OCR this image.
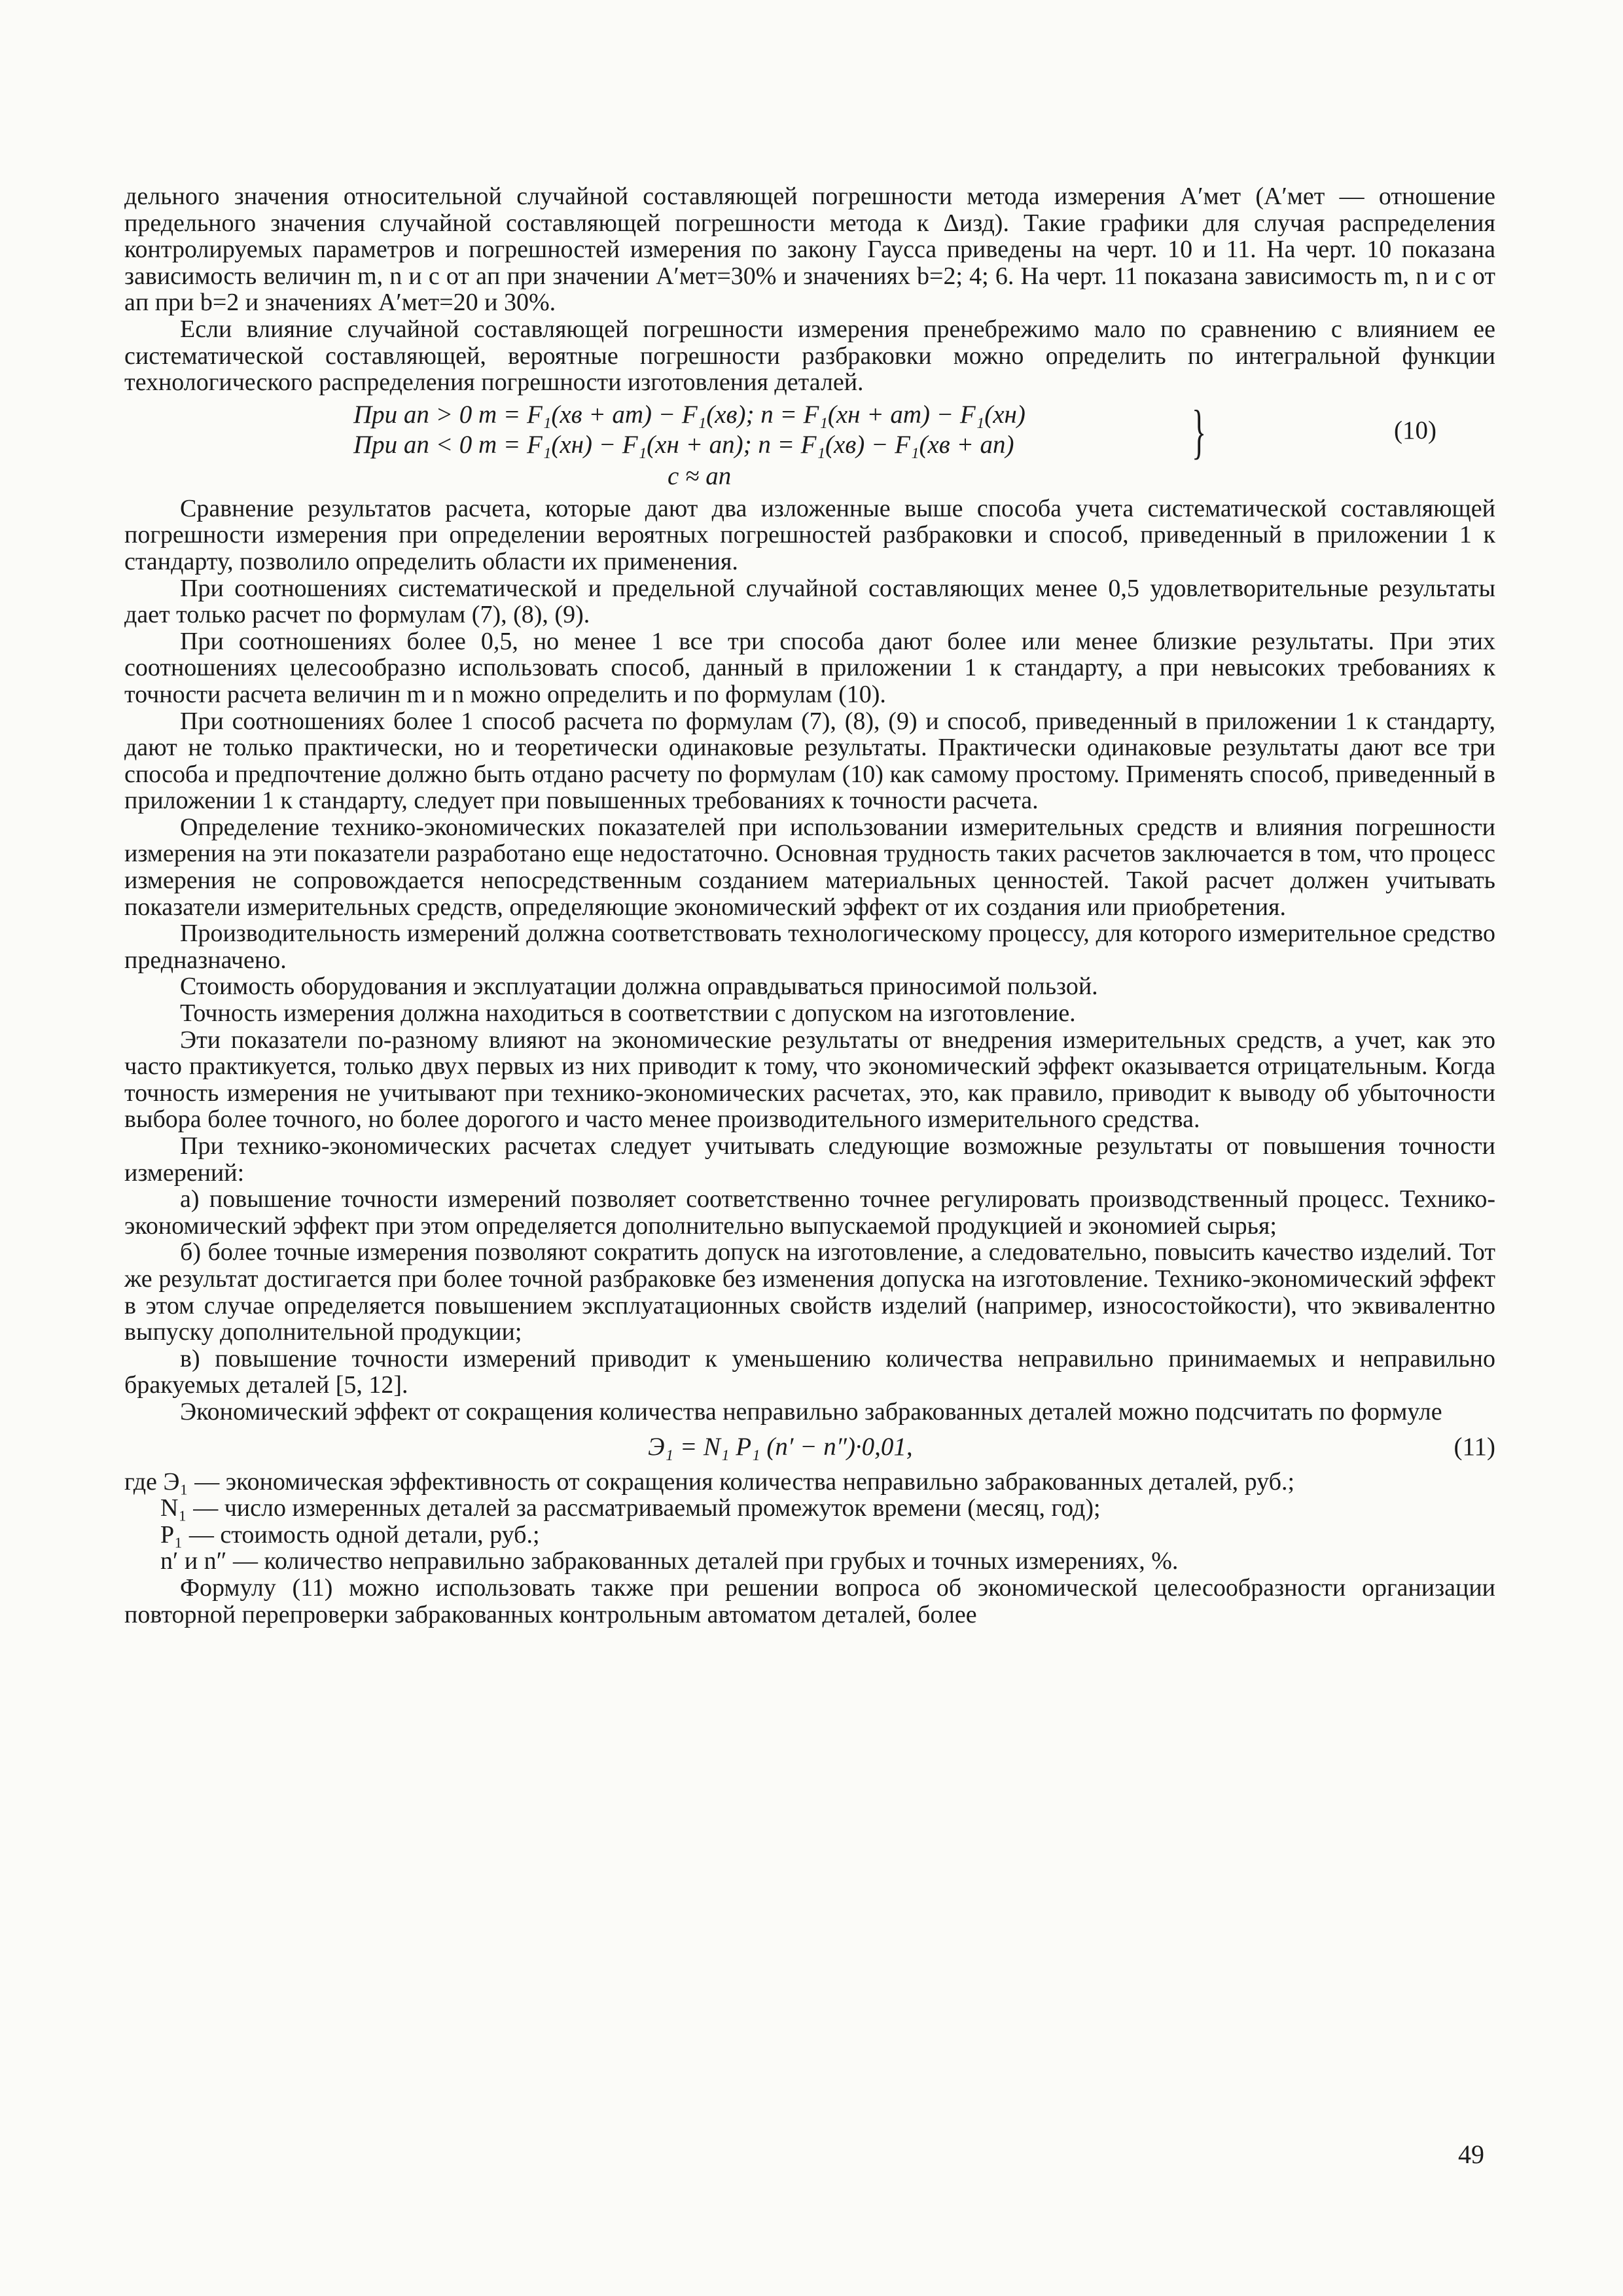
дельного значения относительной случайной составляющей погрешности метода измерения A′мет (A′мет — отношение предельного значения случайной составляющей погрешности метода к Δизд). Такие графики для случая распределения контролируемых параметров и погрешностей измерения по закону Гаусса приведены на черт. 10 и 11. На черт. 10 показана зависимость величин m, n и c от aп при значении A′мет=30% и значениях b=2; 4; 6. На черт. 11 показана зависимость m, n и c от aп при b=2 и значениях A′мет=20 и 30%.

Если влияние случайной составляющей погрешности измерения пренебрежимо мало по сравнению с влиянием ее систематической составляющей, вероятные погрешности разбраковки можно определить по интегральной функции технологического распределения погрешности изготовления деталей.

При aп > 0 m = F₁(xв + aт) − F₁(xв); n = F₁(xн + aт) − F₁(xн)
При aп < 0 m = F₁(xн) − F₁(xн + aп); n = F₁(xв) − F₁(xв + aп)
c ≈ aп
}	(10)

Сравнение результатов расчета, которые дают два изложенные выше способа учета систематической составляющей погрешности измерения при определении вероятных погрешностей разбраковки и способ, приведенный в приложении 1 к стандарту, позволило определить области их применения.

При соотношениях систематической и предельной случайной составляющих менее 0,5 удовлетворительные результаты дает только расчет по формулам (7), (8), (9).

При соотношениях более 0,5, но менее 1 все три способа дают более или менее близкие результаты. При этих соотношениях целесообразно использовать способ, данный в приложении 1 к стандарту, а при невысоких требованиях к точности расчета величин m и n можно определить и по формулам (10).

При соотношениях более 1 способ расчета по формулам (7), (8), (9) и способ, приведенный в приложении 1 к стандарту, дают не только практически, но и теоретически одинаковые результаты. Практически одинаковые результаты дают все три способа и предпочтение должно быть отдано расчету по формулам (10) как самому простому. Применять способ, приведенный в приложении 1 к стандарту, следует при повышенных требованиях к точности расчета.

Определение технико-экономических показателей при использовании измерительных средств и влияния погрешности измерения на эти показатели разработано еще недостаточно. Основная трудность таких расчетов заключается в том, что процесс измерения не сопровождается непосредственным созданием материальных ценностей. Такой расчет должен учитывать показатели измерительных средств, определяющие экономический эффект от их создания или приобретения.

Производительность измерений должна соответствовать технологическому процессу, для которого измерительное средство предназначено.

Стоимость оборудования и эксплуатации должна оправдываться приносимой пользой.

Точность измерения должна находиться в соответствии с допуском на изготовление.

Эти показатели по-разному влияют на экономические результаты от внедрения измерительных средств, а учет, как это часто практикуется, только двух первых из них приводит к тому, что экономический эффект оказывается отрицательным. Когда точность измерения не учитывают при технико-экономических расчетах, это, как правило, приводит к выводу об убыточности выбора более точного, но более дорогого и часто менее производительного измерительного средства.

При технико-экономических расчетах следует учитывать следующие возможные результаты от повышения точности измерений:

а) повышение точности измерений позволяет соответственно точнее регулировать производственный процесс. Технико-экономический эффект при этом определяется дополнительно выпускаемой продукцией и экономией сырья;

б) более точные измерения позволяют сократить допуск на изготовление, а следовательно, повысить качество изделий. Тот же результат достигается при более точной разбраковке без изменения допуска на изготовление. Технико-экономический эффект в этом случае определяется повышением эксплуатационных свойств изделий (например, износостойкости), что эквивалентно выпуску дополнительной продукции;

в) повышение точности измерений приводит к уменьшению количества неправильно принимаемых и неправильно бракуемых деталей [5, 12].

Экономический эффект от сокращения количества неправильно забракованных деталей можно подсчитать по формуле

Э₁ = N₁ P₁ (n′ − n″)·0,01,	(11)

где Э₁ — экономическая эффективность от сокращения количества неправильно забракованных деталей, руб.;

N₁ — число измеренных деталей за рассматриваемый промежуток времени (месяц, год);

P₁ — стоимость одной детали, руб.;

n′ и n″ — количество неправильно забракованных деталей при грубых и точных измерениях, %.

Формулу (11) можно использовать также при решении вопроса об экономической целесообразности организации повторной перепроверки забракованных контрольным автоматом деталей, более

49
